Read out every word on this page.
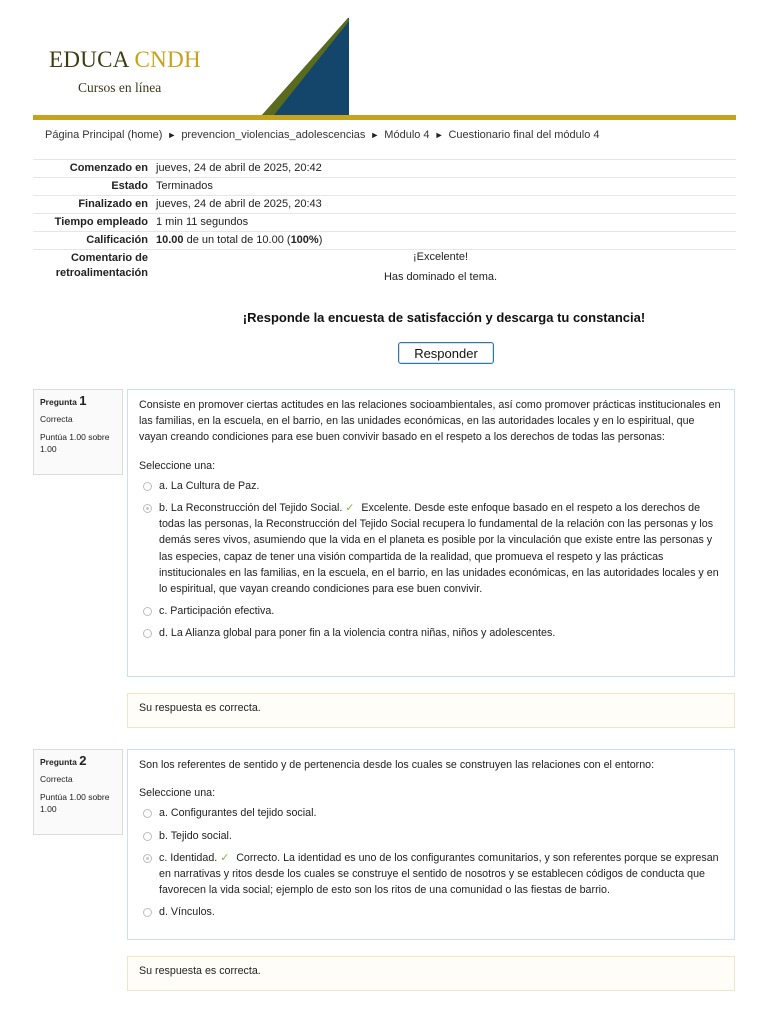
EDUCA CNDH
Cursos en línea
Página Principal (home) ► prevencion_violencias_adolescencias ► Módulo 4 ► Cuestionario final del módulo 4
Comenzado en jueves, 24 de abril de 2025, 20:42
Estado Terminados
Finalizado en jueves, 24 de abril de 2025, 20:43
Tiempo empleado 1 min 11 segundos
Calificación 10.00 de un total de 10.00 (100%)
Comentario de
retroalimentación
¡Excelente!
Has dominado el tema.
¡Responde la encuesta de satisfacción y descarga tu constancia!
Responder
Pregunta 1
Correcta
Puntúa 1.00 sobre 1.00
Consiste en promover ciertas actitudes en las relaciones socioambientales, así como promover prácticas institucionales en las familias, en la escuela, en el barrio, en las unidades económicas, en las autoridades locales y en lo espiritual, que vayan creando condiciones para ese buen convivir basado en el respeto a los derechos de todas las personas:
Seleccione una:
a. La Cultura de Paz.
b. La Reconstrucción del Tejido Social. ✓ Excelente. Desde este enfoque basado en el respeto a los derechos de todas las personas, la Reconstrucción del Tejido Social recupera lo fundamental de la relación con las personas y los demás seres vivos, asumiendo que la vida en el planeta es posible por la vinculación que existe entre las personas y las especies, capaz de tener una visión compartida de la realidad, que promueva el respeto y las prácticas institucionales en las familias, en la escuela, en el barrio, en las unidades económicas, en las autoridades locales y en lo espiritual, que vayan creando condiciones para ese buen convivir.
c. Participación efectiva.
d. La Alianza global para poner fin a la violencia contra niñas, niños y adolescentes.
Su respuesta es correcta.
Pregunta 2
Correcta
Puntúa 1.00 sobre 1.00
Son los referentes de sentido y de pertenencia desde los cuales se construyen las relaciones con el entorno:
Seleccione una:
a. Configurantes del tejido social.
b. Tejido social.
c. Identidad. ✓ Correcto. La identidad es uno de los configurantes comunitarios, y son referentes porque se expresan en narrativas y ritos desde los cuales se construye el sentido de nosotros y se establecen códigos de conducta que favorecen la vida social; ejemplo de esto son los ritos de una comunidad o las fiestas de barrio.
d. Vínculos.
Su respuesta es correcta.
